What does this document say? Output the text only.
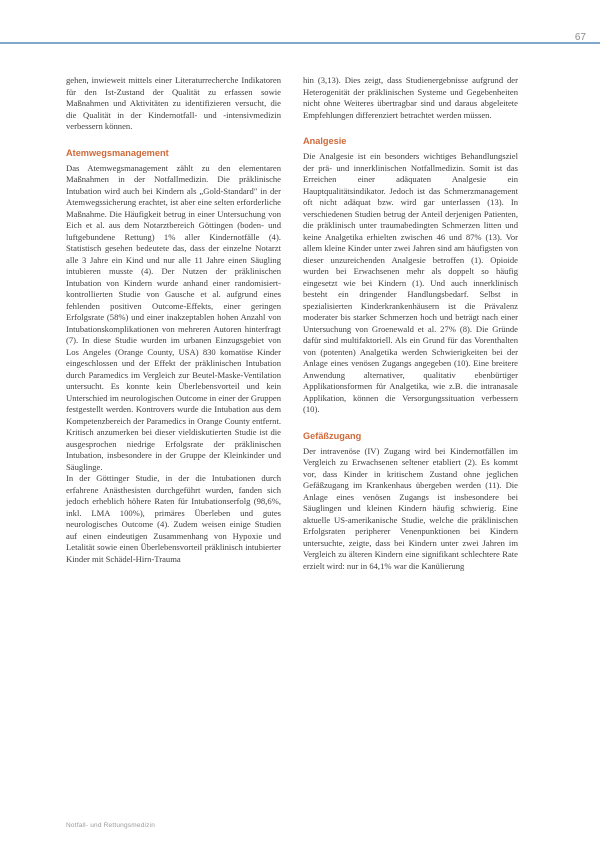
67

gehen, inwieweit mittels einer Literaturrecherche Indikatoren für den Ist-Zustand der Qualität zu erfassen sowie Maßnahmen und Aktivitäten zu identifizieren versucht, die die Qualität in der Kindernotfall- und -intensivmedizin verbessern können.

Atemwegsmanagement

Das Atemwegsmanagement zählt zu den elementaren Maßnahmen in der Notfallmedizin. Die präklinische Intubation wird auch bei Kindern als „Gold-Standard" in der Atemwegssicherung erachtet, ist aber eine selten erforderliche Maßnahme. Die Häufigkeit betrug in einer Untersuchung von Eich et al. aus dem Notarztbereich Göttingen (boden- und luftgebundene Rettung) 1% aller Kindernotfälle (4). Statistisch gesehen bedeutete das, dass der einzelne Notarzt alle 3 Jahre ein Kind und nur alle 11 Jahre einen Säugling intubieren musste (4). Der Nutzen der präklinischen Intubation von Kindern wurde anhand einer randomisiert-kontrollierten Studie von Gausche et al. aufgrund eines fehlenden positiven Outcome-Effekts, einer geringen Erfolgsrate (58%) und einer inakzeptablen hohen Anzahl von Intubationskomplikationen von mehreren Autoren hinterfragt (7). In diese Studie wurden im urbanen Einzugsgebiet von Los Angeles (Orange County, USA) 830 komatöse Kinder eingeschlossen und der Effekt der präklinischen Intubation durch Paramedics im Vergleich zur Beutel-Maske-Ventilation untersucht. Es konnte kein Überlebensvorteil und kein Unterschied im neurologischen Outcome in einer der Gruppen festgestellt werden. Kontrovers wurde die Intubation aus dem Kompetenzbereich der Paramedics in Orange County entfernt. Kritisch anzumerken bei dieser vieldiskutierten Studie ist die ausgesprochen niedrige Erfolgsrate der präklinischen Intubation, insbesondere in der Gruppe der Kleinkinder und Säuglinge.

In der Göttinger Studie, in der die Intubationen durch erfahrene Anästhesisten durchgeführt wurden, fanden sich jedoch erheblich höhere Raten für Intubationserfolg (98,6%, inkl. LMA 100%), primäres Überleben und gutes neurologisches Outcome (4). Zudem weisen einige Studien auf einen eindeutigen Zusammenhang von Hypoxie und Letalität sowie einen Überlebensvorteil präklinisch intubierter Kinder mit Schädel-Hirn-Trauma

hin (3,13). Dies zeigt, dass Studienergebnisse aufgrund der Heterogenität der präklinischen Systeme und Gegebenheiten nicht ohne Weiteres übertragbar sind und daraus abgeleitete Empfehlungen differenziert betrachtet werden müssen.

Analgesie

Die Analgesie ist ein besonders wichtiges Behandlungsziel der prä- und innerklinischen Notfallmedizin. Somit ist das Erreichen einer adäquaten Analgesie ein Hauptqualitätsindikator. Jedoch ist das Schmerzmanagement oft nicht adäquat bzw. wird gar unterlassen (13). In verschiedenen Studien betrug der Anteil derjenigen Patienten, die präklinisch unter traumabedingten Schmerzen litten und keine Analgetika erhielten zwischen 46 und 87% (13). Vor allem kleine Kinder unter zwei Jahren sind am häufigsten von dieser unzureichenden Analgesie betroffen (1). Opioide wurden bei Erwachsenen mehr als doppelt so häufig eingesetzt wie bei Kindern (1). Und auch innerklinisch besteht ein dringender Handlungsbedarf. Selbst in spezialisierten Kinderkrankenhäusern ist die Prävalenz moderater bis starker Schmerzen hoch und beträgt nach einer Untersuchung von Groenewald et al. 27% (8). Die Gründe dafür sind multifaktoriell. Als ein Grund für das Vorenthalten von (potenten) Analgetika werden Schwierigkeiten bei der Anlage eines venösen Zugangs angegeben (10). Eine breitere Anwendung alternativer, qualitativ ebenbürtiger Applikationsformen für Analgetika, wie z.B. die intranasale Applikation, können die Versorgungssituation verbessern (10).

Gefäßzugang

Der intravenöse (IV) Zugang wird bei Kindernotfällen im Vergleich zu Erwachsenen seltener etabliert (2). Es kommt vor, dass Kinder in kritischem Zustand ohne jeglichen Gefäßzugang im Krankenhaus übergeben werden (11). Die Anlage eines venösen Zugangs ist insbesondere bei Säuglingen und kleinen Kindern häufig schwierig. Eine aktuelle US-amerikanische Studie, welche die präklinischen Erfolgsraten peripherer Venenpunktionen bei Kindern untersuchte, zeigte, dass bei Kindern unter zwei Jahren im Vergleich zu älteren Kindern eine signifikant schlechtere Rate erzielt wird: nur in 64,1% war die Kanülierung

Notfall- und Rettungsmedizin
